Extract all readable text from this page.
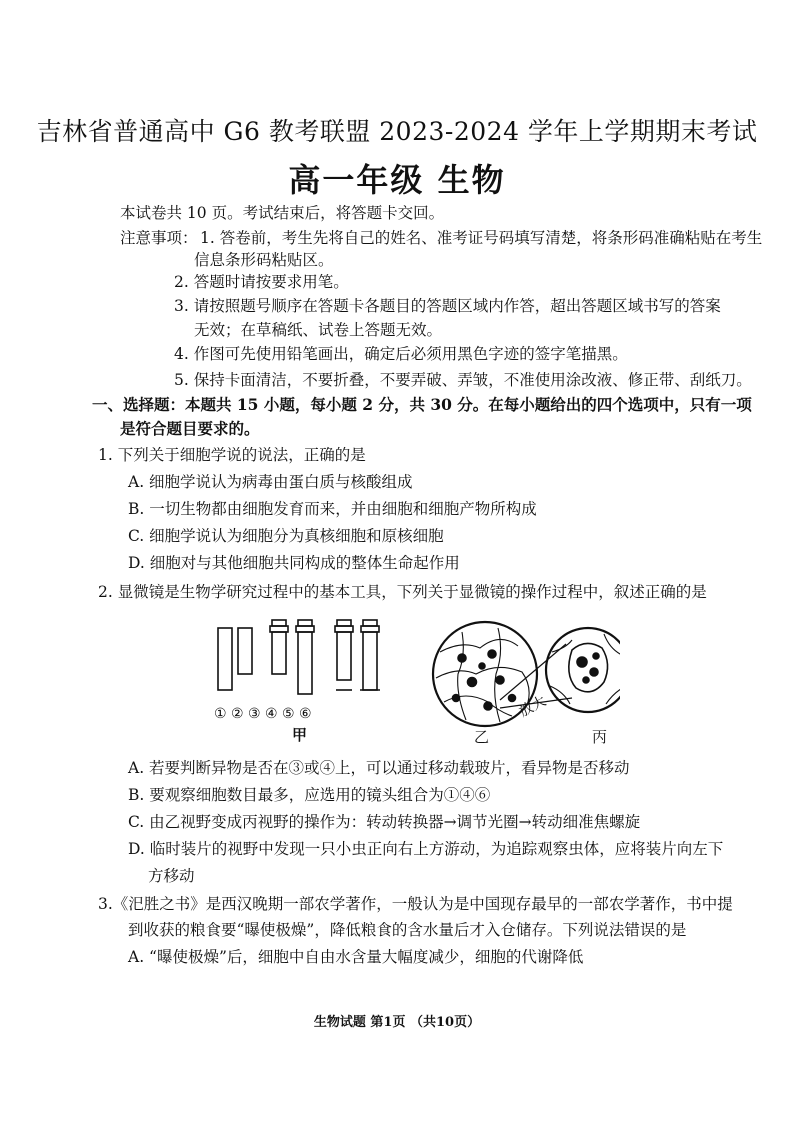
吉林省普通高中 G6 教考联盟 2023-2024 学年上学期期末考试
高一年级 生物
本试卷共 10 页。考试结束后，将答题卡交回。
注意事项： 1. 答卷前，考生先将自己的姓名、准考证号码填写清楚，将条形码准确粘贴在考生
信息条形码粘贴区。
2. 答题时请按要求用笔。
3. 请按照题号顺序在答题卡各题目的答题区域内作答，超出答题区域书写的答案
无效；在草稿纸、试卷上答题无效。
4. 作图可先使用铅笔画出，确定后必须用黑色字迹的签字笔描黑。
5. 保持卡面清洁，不要折叠，不要弄破、弄皱，不准使用涂改液、修正带、刮纸刀。
一、选择题：本题共 15 小题，每小题 2 分，共 30 分。在每小题给出的四个选项中，只有一项
是符合题目要求的。
1. 下列关于细胞学说的说法，正确的是
A. 细胞学说认为病毒由蛋白质与核酸组成
B. 一切生物都由细胞发育而来，并由细胞和细胞产物所构成
C. 细胞学说认为细胞分为真核细胞和原核细胞
D. 细胞对与其他细胞共同构成的整体生命起作用
2. 显微镜是生物学研究过程中的基本工具，下列关于显微镜的操作过程中，叙述正确的是
① ② ③ ④ ⑤ ⑥
甲
放大
乙	丙
A. 若要判断异物是否在③或④上，可以通过移动载玻片，看异物是否移动
B. 要观察细胞数目最多，应选用的镜头组合为①④⑥
C. 由乙视野变成丙视野的操作为：转动转换器→调节光圈→转动细准焦螺旋
D. 临时装片的视野中发现一只小虫正向右上方游动，为追踪观察虫体，应将装片向左下
方移动
3.《汜胜之书》是西汉晚期一部农学著作，一般认为是中国现存最早的一部农学著作，书中提
到收获的粮食要“曝使极燥”，降低粮食的含水量后才入仓储存。下列说法错误的是
A. “曝使极燥”后，细胞中自由水含量大幅度减少，细胞的代谢降低
生物试题 第1页 （共10页）
